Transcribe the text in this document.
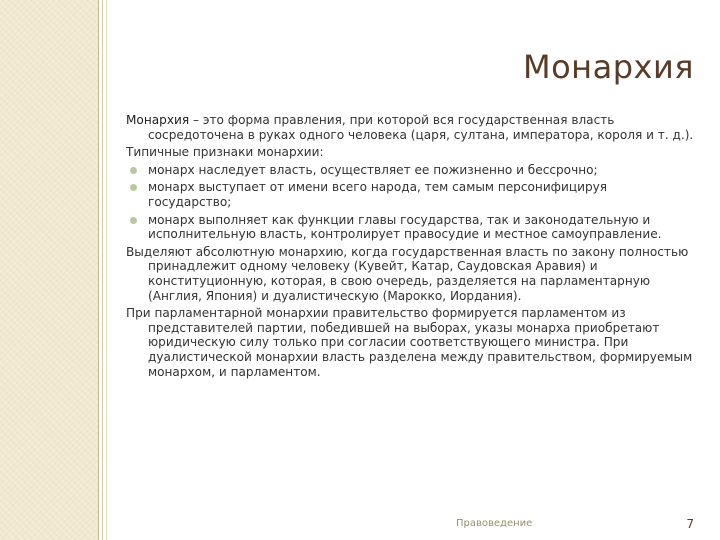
Монархия

Монархия – это форма правления, при которой вся государственная власть сосредоточена в руках одного человека (царя, султана, императора, короля и т. д.).

Типичные признаки монархии:

монарх наследует власть, осуществляет ее пожизненно и бессрочно;
монарх выступает от имени всего народа, тем самым персонифицируя государство;
монарх выполняет как функции главы государства, так и законодательную и исполнительную власть, контролирует правосудие и местное самоуправление.

Выделяют абсолютную монархию, когда государственная власть по закону полностью принадлежит одному человеку (Кувейт, Катар, Саудовская Аравия) и конституционную, которая, в свою очередь, разделяется на парламентарную (Англия, Япония) и дуалистическую (Марокко, Иордания).

При парламентарной монархии правительство формируется парламентом из представителей партии, победившей на выборах, указы монарха приобретают юридическую силу только при согласии соответствующего министра. При дуалистической монархии власть разделена между правительством, формируемым монархом, и парламентом.

Правоведение	7
